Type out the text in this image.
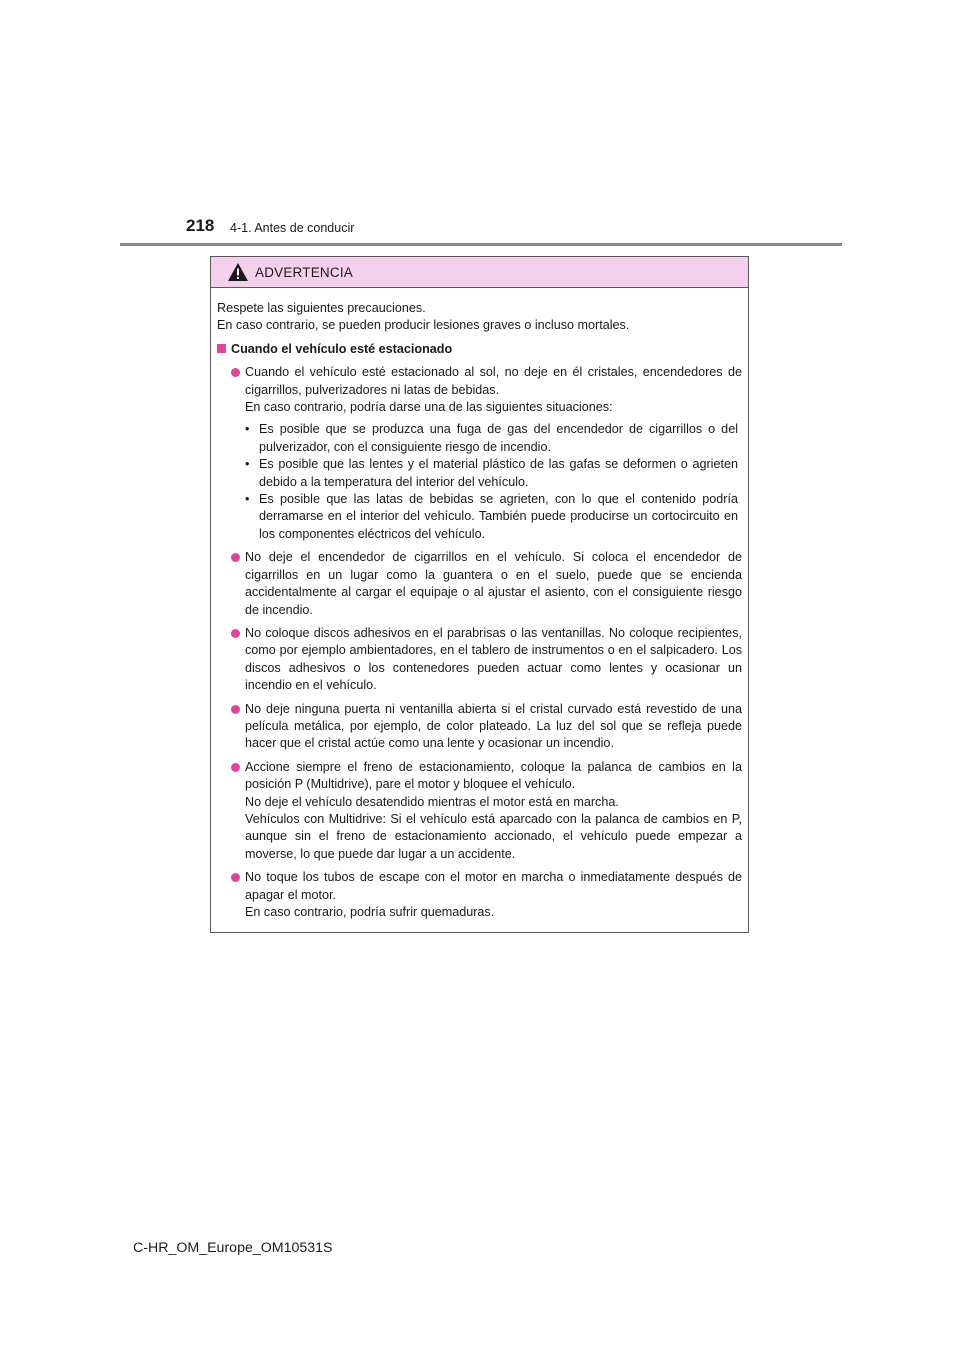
218 4-1. Antes de conducir
ADVERTENCIA

Respete las siguientes precauciones.

En caso contrario, se pueden producir lesiones graves o incluso mortales.

Cuando el vehículo esté estacionado

Cuando el vehículo esté estacionado al sol, no deje en él cristales, encendedores de cigarrillos, pulverizadores ni latas de bebidas.

En caso contrario, podría darse una de las siguientes situaciones:

• Es posible que se produzca una fuga de gas del encendedor de cigarrillos o del pulverizador, con el consiguiente riesgo de incendio.
• Es posible que las lentes y el material plástico de las gafas se deformen o agrieten debido a la temperatura del interior del vehículo.
• Es posible que las latas de bebidas se agrieten, con lo que el contenido podría derramarse en el interior del vehículo. También puede producirse un cortocircuito en los componentes eléctricos del vehículo.

No deje el encendedor de cigarrillos en el vehículo. Si coloca el encendedor de cigarrillos en un lugar como la guantera o en el suelo, puede que se encienda accidentalmente al cargar el equipaje o al ajustar el asiento, con el consiguiente riesgo de incendio.

No coloque discos adhesivos en el parabrisas o las ventanillas. No coloque recipientes, como por ejemplo ambientadores, en el tablero de instrumentos o en el salpicadero. Los discos adhesivos o los contenedores pueden actuar como lentes y ocasionar un incendio en el vehículo.

No deje ninguna puerta ni ventanilla abierta si el cristal curvado está revestido de una película metálica, por ejemplo, de color plateado. La luz del sol que se refleja puede hacer que el cristal actúe como una lente y ocasionar un incendio.

Accione siempre el freno de estacionamiento, coloque la palanca de cambios en la posición P (Multidrive), pare el motor y bloquee el vehículo.

No deje el vehículo desatendido mientras el motor está en marcha.

Vehículos con Multidrive: Si el vehículo está aparcado con la palanca de cambios en P, aunque sin el freno de estacionamiento accionado, el vehículo puede empezar a moverse, lo que puede dar lugar a un accidente.

No toque los tubos de escape con el motor en marcha o inmediatamente después de apagar el motor.

En caso contrario, podría sufrir quemaduras.

C-HR_OM_Europe_OM10531S
